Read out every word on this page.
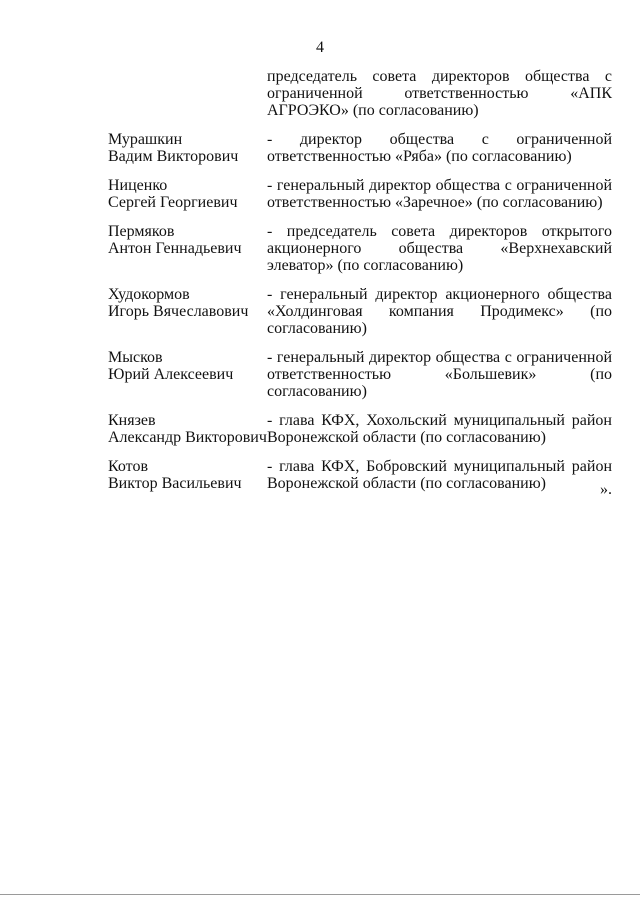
4
председатель совета директоров общества с ограниченной ответственностью «АПК АГРОЭКО» (по согласованию)
Мурашкин
Вадим Викторович
- директор общества с ограниченной ответственностью «Ряба» (по согласованию)
Ниценко
Сергей Георгиевич
- генеральный директор общества с ограниченной ответственностью «Заречное» (по согласованию)
Пермяков
Антон Геннадьевич
- председатель совета директоров открытого акционерного общества «Верхнехавский элеватор» (по согласованию)
Худокормов
Игорь Вячеславович
- генеральный директор акционерного общества «Холдинговая компания Продимекс» (по согласованию)
Мысков
Юрий Алексеевич
- генеральный директор общества с ограниченной ответственностью «Большевик» (по согласованию)
Князев
Александр Викторович
- глава КФХ, Хохольский муниципальный район Воронежской области (по согласованию)
Котов
Виктор Васильевич
- глава КФХ, Бобровский муниципальный район Воронежской области (по согласованию)	».
